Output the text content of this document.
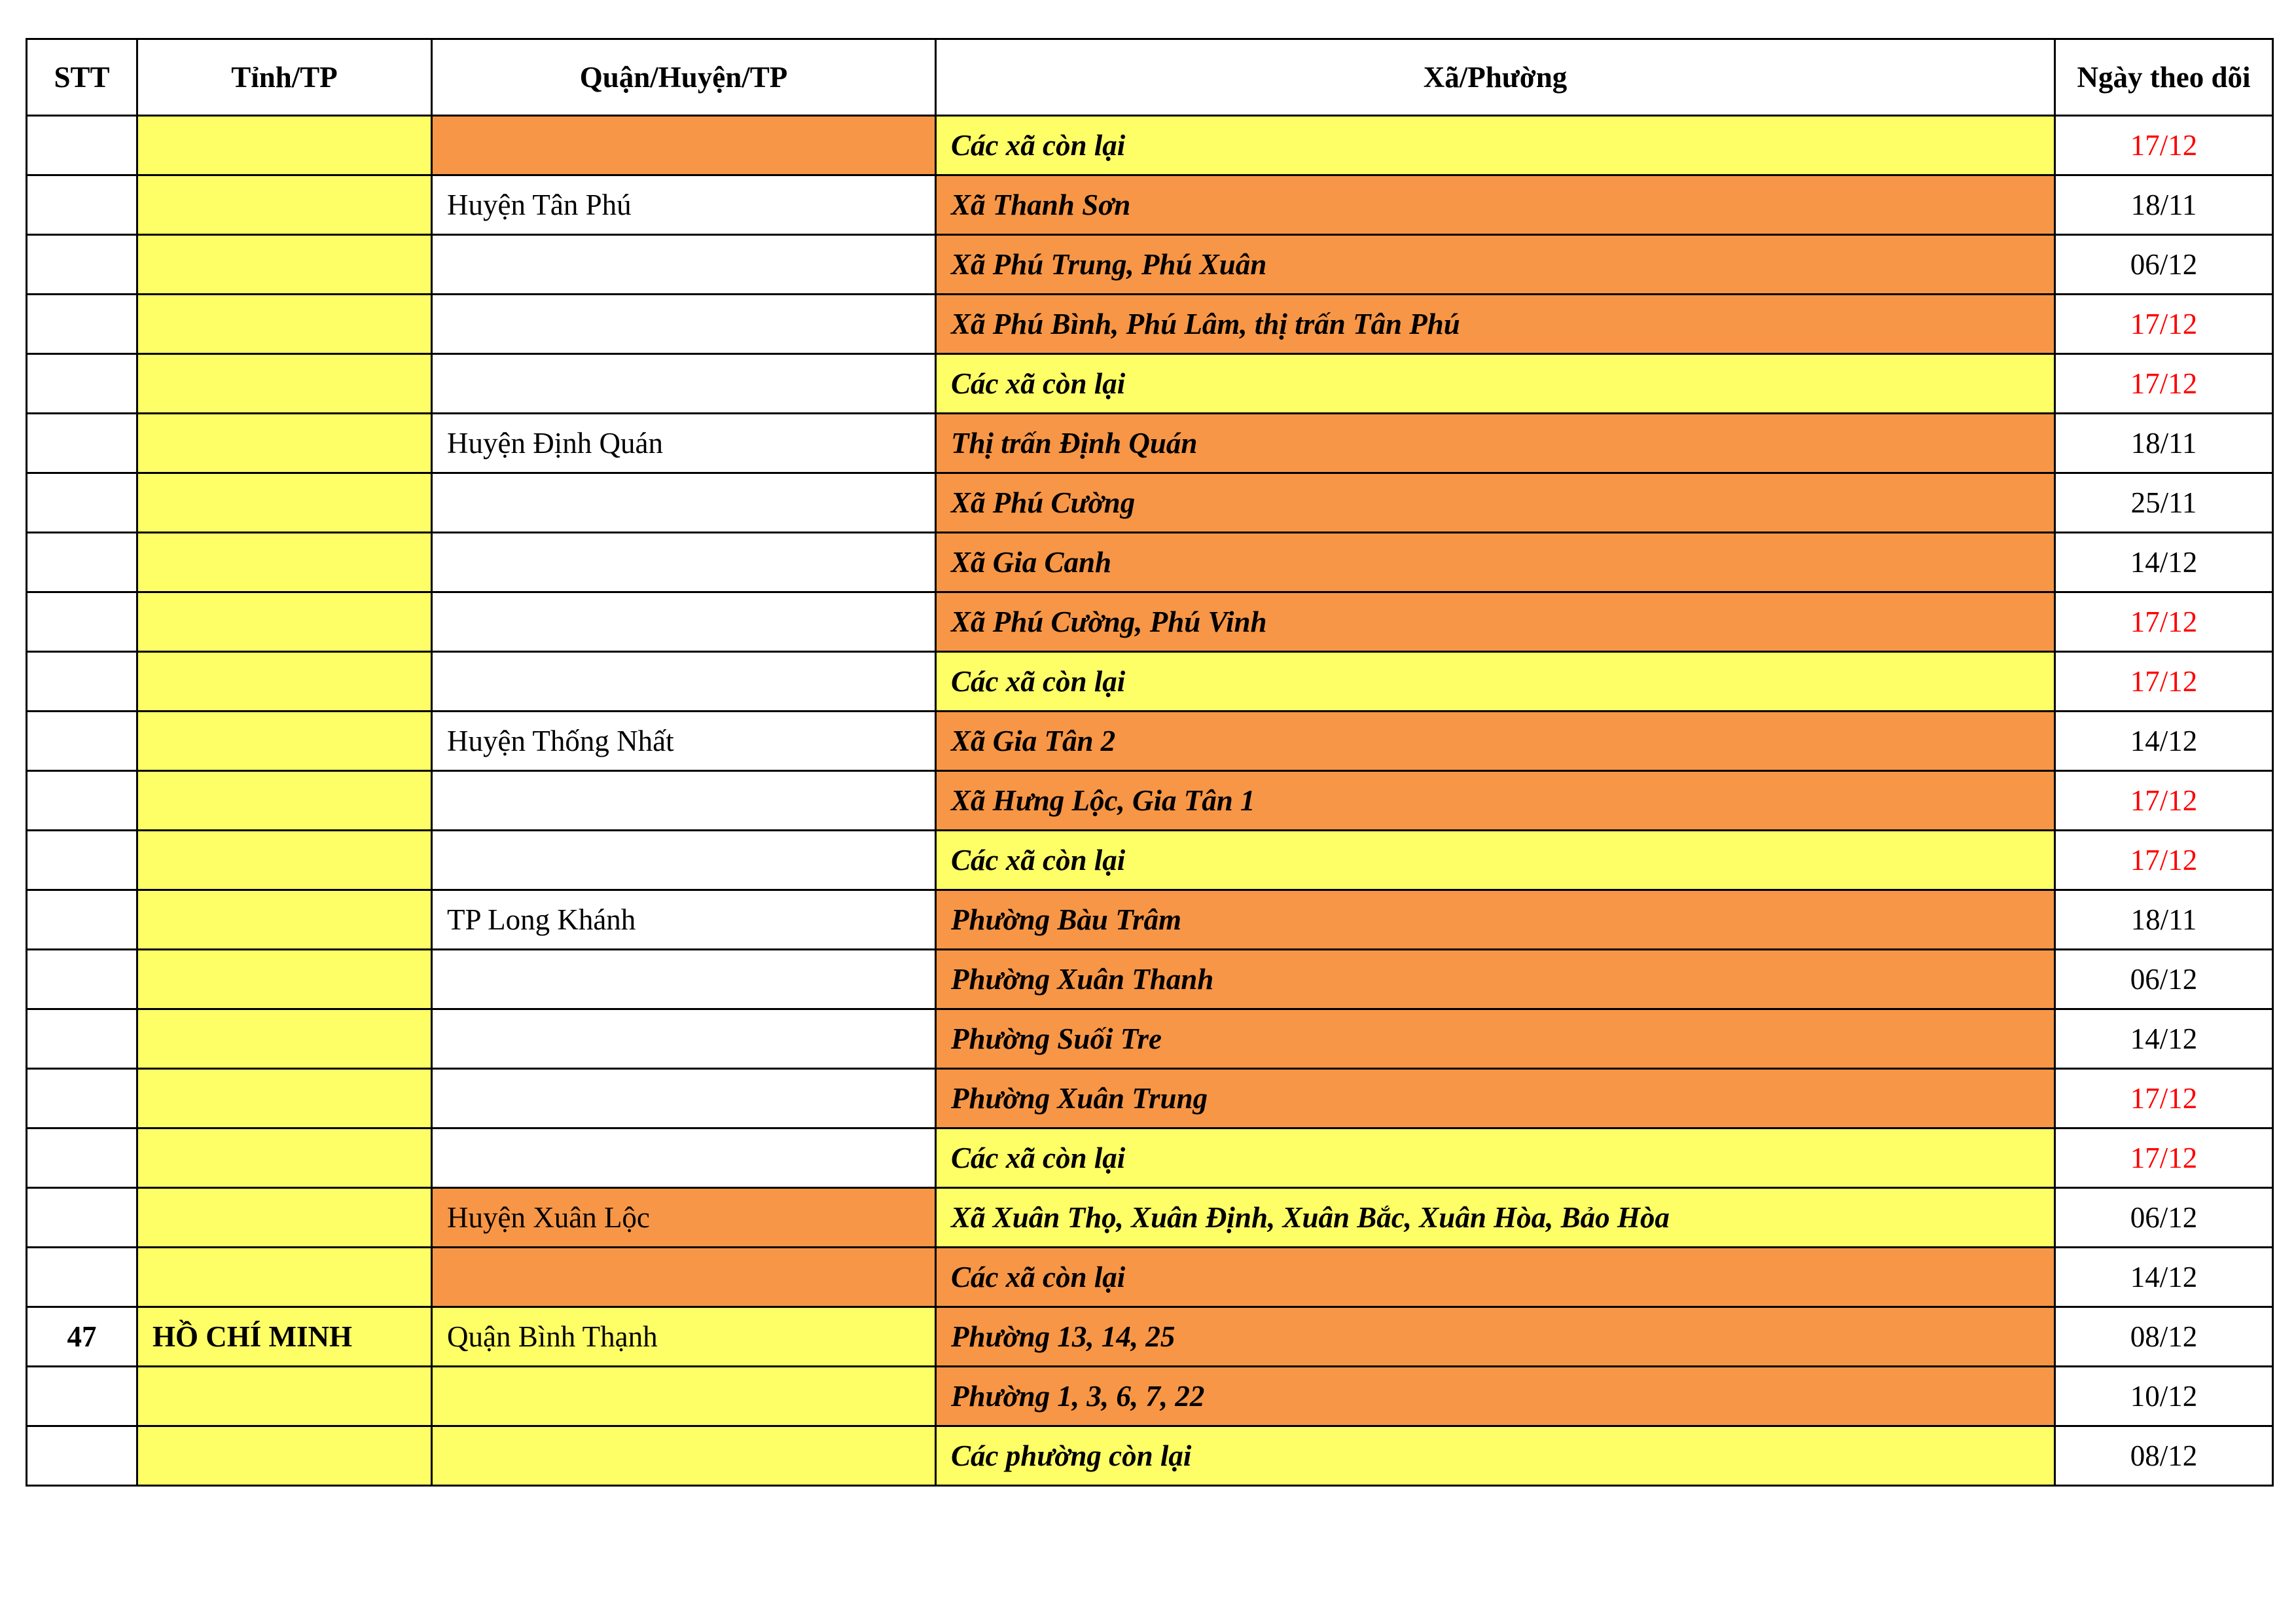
STT	Tỉnh/TP	Quận/Huyện/TP	Xã/Phường	Ngày theo dõi
			Các xã còn lại	17/12
		Huyện Tân Phú	Xã Thanh Sơn	18/11
			Xã Phú Trung, Phú Xuân	06/12
			Xã Phú Bình, Phú Lâm, thị trấn Tân Phú	17/12
			Các xã còn lại	17/12
		Huyện Định Quán	Thị trấn Định Quán	18/11
			Xã Phú Cường	25/11
			Xã Gia Canh	14/12
			Xã Phú Cường, Phú Vinh	17/12
			Các xã còn lại	17/12
		Huyện Thống Nhất	Xã Gia Tân 2	14/12
			Xã Hưng Lộc, Gia Tân 1	17/12
			Các xã còn lại	17/12
		TP Long Khánh	Phường Bàu Trâm	18/11
			Phường Xuân Thanh	06/12
			Phường Suối Tre	14/12
			Phường Xuân Trung	17/12
			Các xã còn lại	17/12
		Huyện Xuân Lộc	Xã Xuân Thọ, Xuân Định, Xuân Bắc, Xuân Hòa, Bảo Hòa	06/12
			Các xã còn lại	14/12
47	HỒ CHÍ MINH	Quận Bình Thạnh	Phường 13, 14, 25	08/12
			Phường 1, 3, 6, 7, 22	10/12
			Các phường còn lại	08/12
